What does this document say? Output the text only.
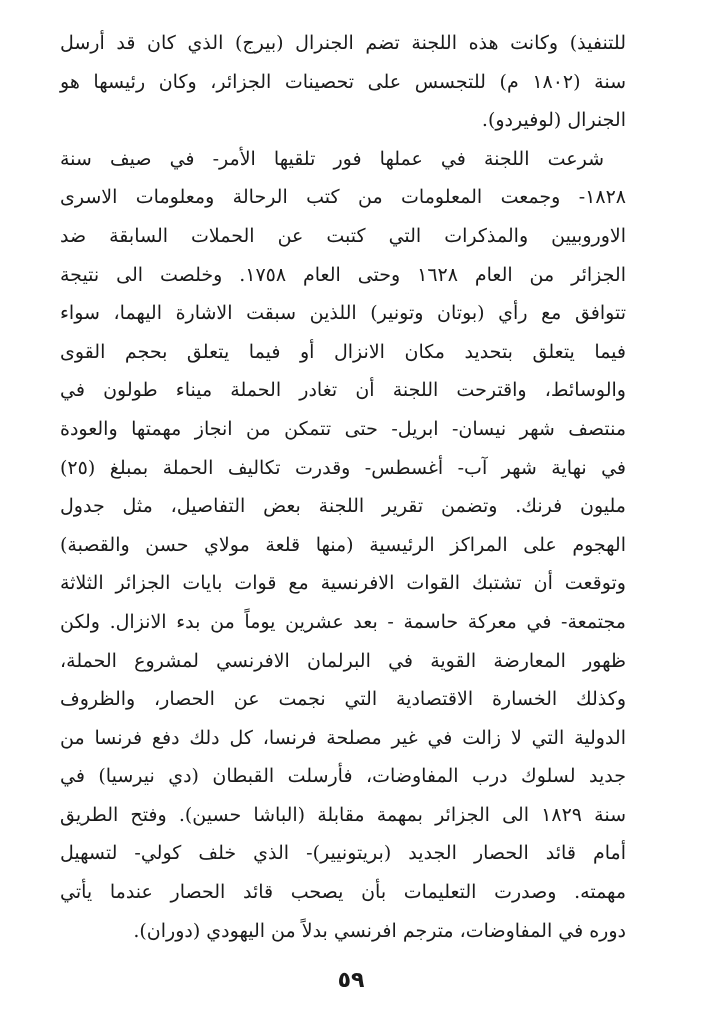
للتنفيذ) وكانت هذه اللجنة تضم الجنرال (بيرج) الذي كان قد أرسل
سنة (١٨٠٢ م) للتجسس على تحصينات الجزائر، وكان رئيسها هو
الجنرال (لوفيردو).
شرعت اللجنة في عملها فور تلقيها الأمر- في صيف سنة
١٨٢٨- وجمعت المعلومات من كتب الرحالة ومعلومات الاسرى
الاوروبيين والمذكرات التي كتبت عن الحملات السابقة ضد
الجزائر من العام ١٦٢٨ وحتى العام ١٧٥٨. وخلصت الى نتيجة
تتوافق مع رأي (بوتان وتونير) اللذين سبقت الاشارة اليهما، سواء
فيما يتعلق بتحديد مكان الانزال أو فيما يتعلق بحجم القوى
والوسائط، واقترحت اللجنة أن تغادر الحملة ميناء طولون في
منتصف شهر نيسان- ابريل- حتى تتمكن من انجاز مهمتها والعودة
في نهاية شهر آب- أغسطس- وقدرت تكاليف الحملة بمبلغ (٢٥)
مليون فرنك. وتضمن تقرير اللجنة بعض التفاصيل، مثل جدول
الهجوم على المراكز الرئيسية (منها قلعة مولاي حسن والقصبة)
وتوقعت أن تشتبك القوات الافرنسية مع قوات بايات الجزائر الثلاثة
مجتمعة- في معركة حاسمة - بعد عشرين يوماً من بدء الانزال. ولكن
ظهور المعارضة القوية في البرلمان الافرنسي لمشروع الحملة،
وكذلك الخسارة الاقتصادية التي نجمت عن الحصار، والظروف
الدولية التي لا زالت في غير مصلحة فرنسا، كل دلك دفع فرنسا من
جديد لسلوك درب المفاوضات، فأرسلت القبطان (دي نيرسيا) في
سنة ١٨٢٩ الى الجزائر بمهمة مقابلة (الباشا حسين). وفتح الطريق
أمام قائد الحصار الجديد (بريتونيير)- الذي خلف كولي- لتسهيل
مهمته. وصدرت التعليمات بأن يصحب قائد الحصار عندما يأتي
دوره في المفاوضات، مترجم افرنسي بدلاً من اليهودي (دوران).
٥٩
